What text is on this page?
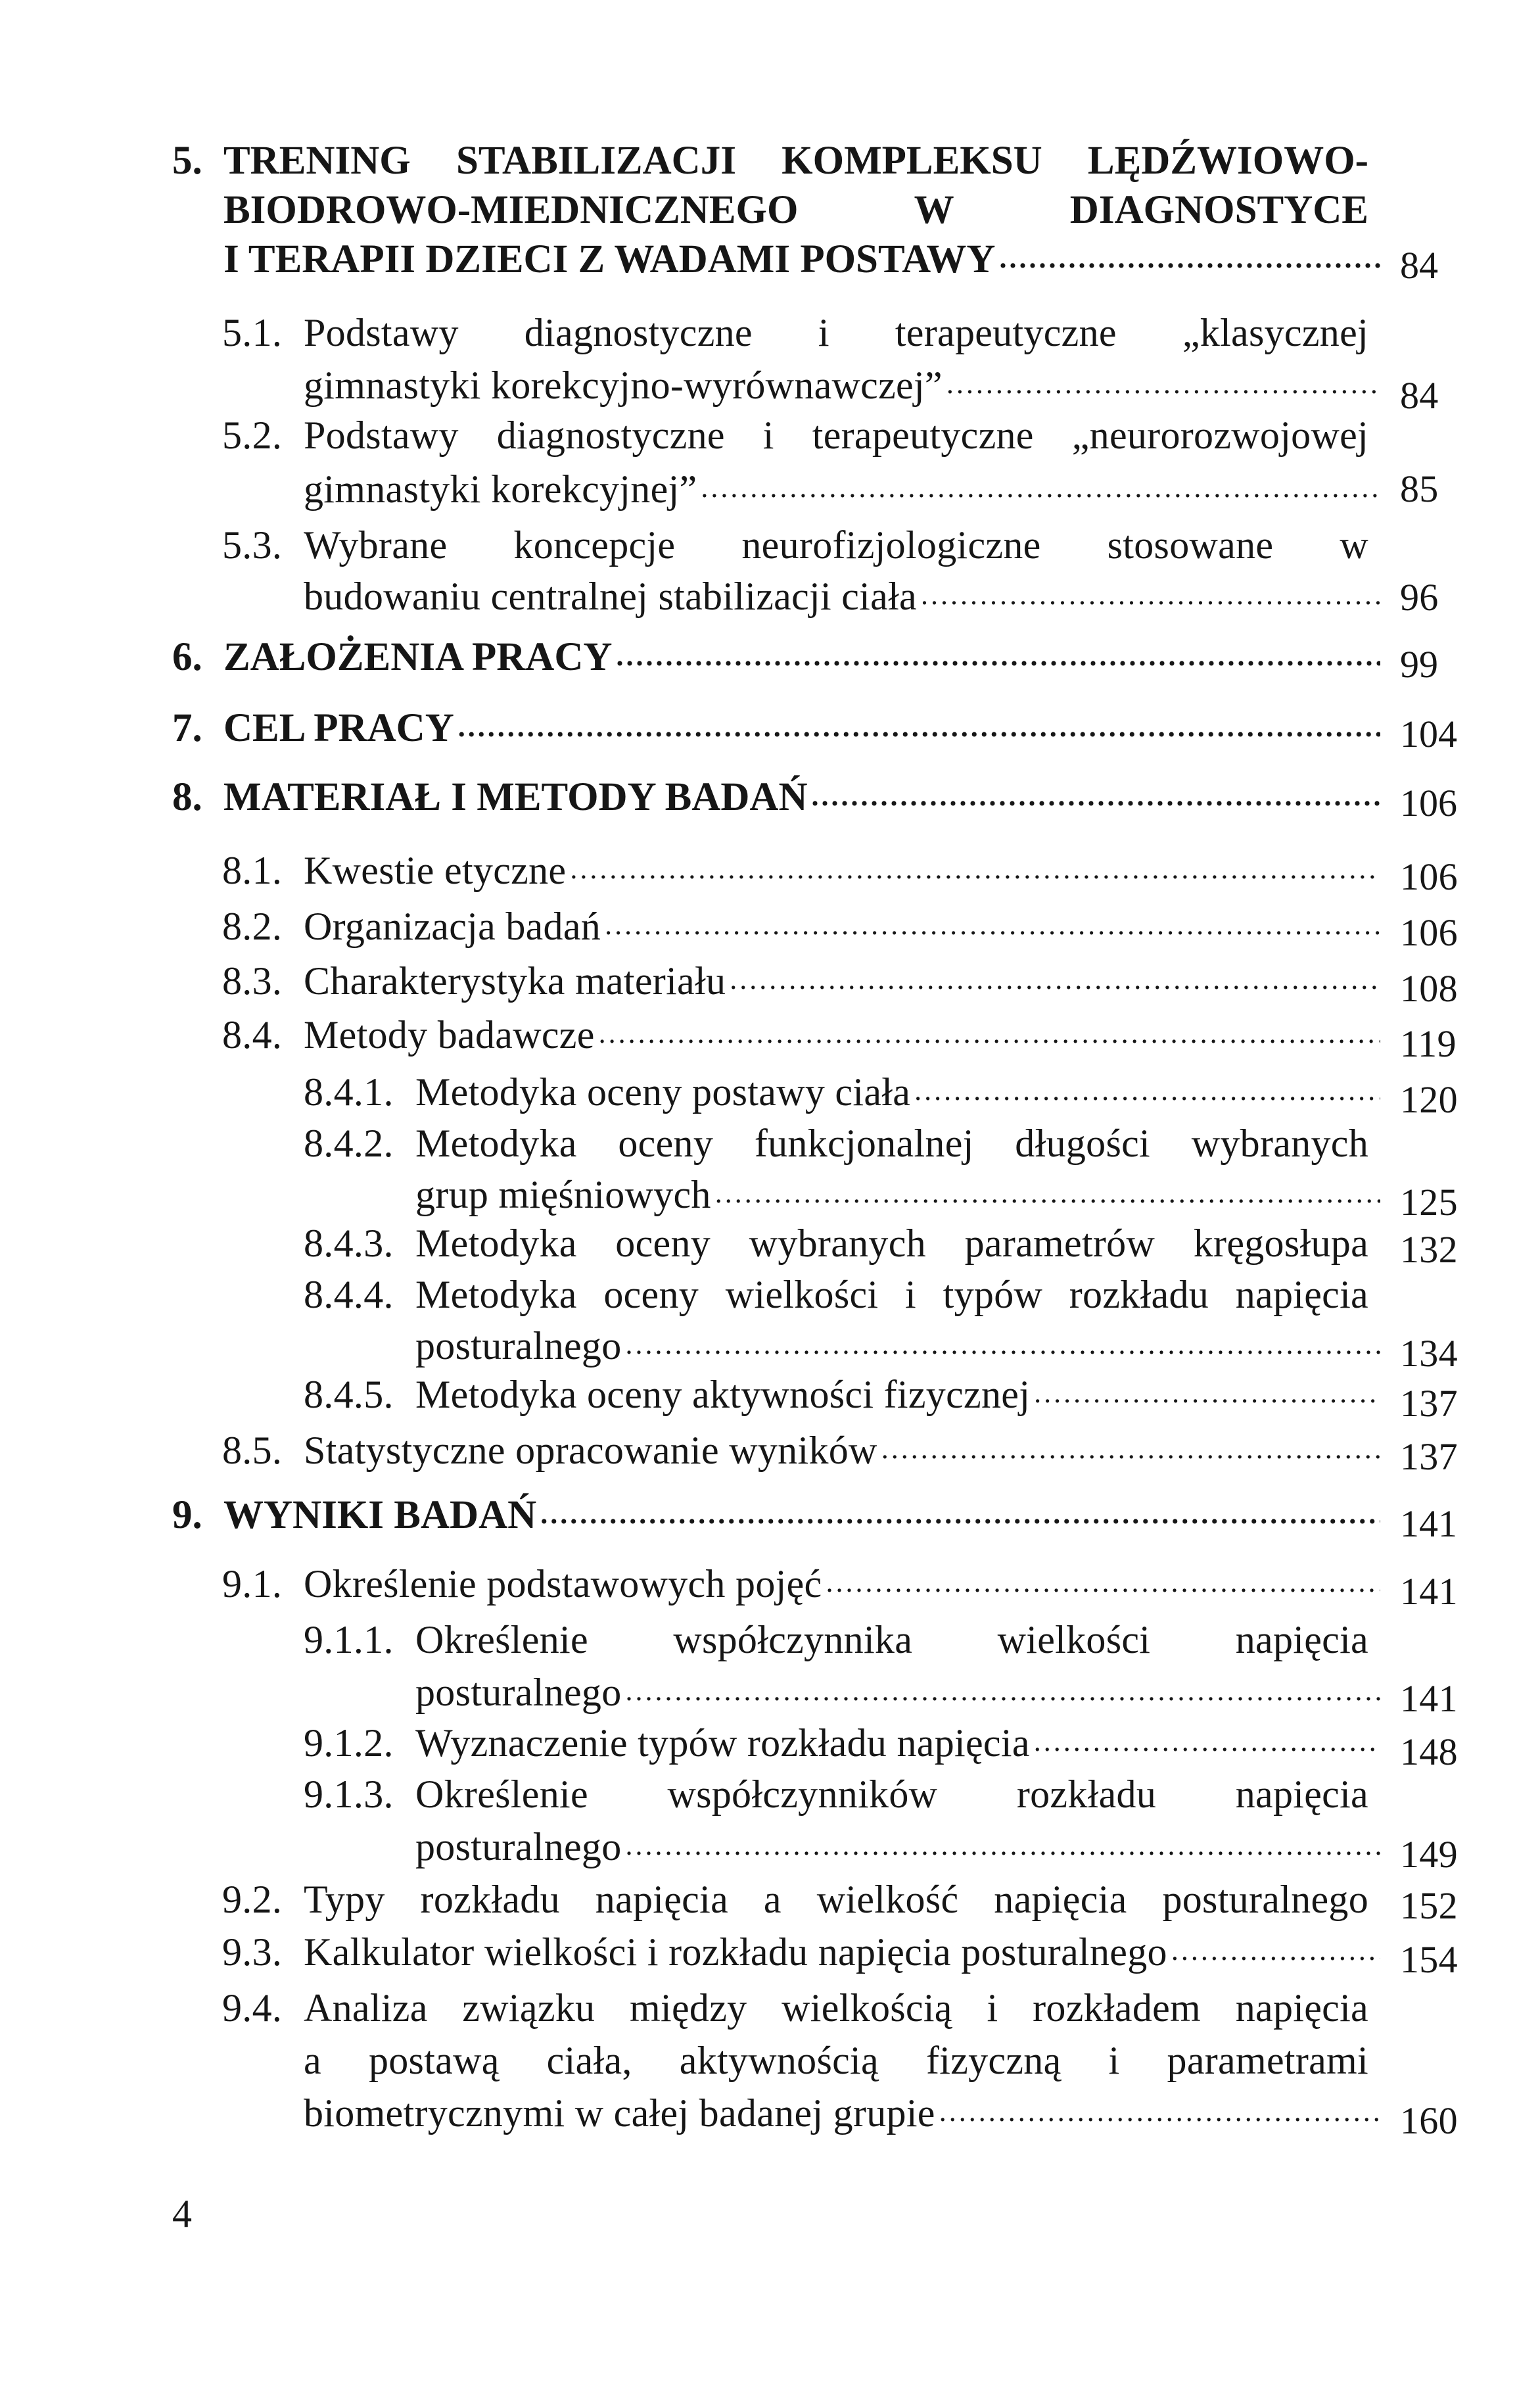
5. TRENING STABILIZACJI KOMPLEKSU LĘDŹWIOWO-
BIODROWO-MIEDNICZNEGO W DIAGNOSTYCE
I TERAPII DZIECI Z WADAMI POSTAWY .....	84
5.1. Podstawy diagnostyczne i terapeutyczne „klasycznej
gimnastyki korekcyjno-wyrównawczej” .....	84
5.2. Podstawy diagnostyczne i terapeutyczne „neurorozwojowej
gimnastyki korekcyjnej” .....	85
5.3. Wybrane koncepcje neurofizjologiczne stosowane w
budowaniu centralnej stabilizacji ciała .....	96
6. ZAŁOŻENIA PRACY .....	99
7. CEL PRACY .....	104
8. MATERIAŁ I METODY BADAŃ .....	106
8.1. Kwestie etyczne .....	106
8.2. Organizacja badań .....	106
8.3. Charakterystyka materiału .....	108
8.4. Metody badawcze .....	119
8.4.1. Metodyka oceny postawy ciała .....	120
8.4.2. Metodyka oceny funkcjonalnej długości wybranych
grup mięśniowych .....	125
8.4.3. Metodyka oceny wybranych parametrów kręgosłupa 132
8.4.4. Metodyka oceny wielkości i typów rozkładu napięcia
posturalnego .....	134
8.4.5. Metodyka oceny aktywności fizycznej .....	137
8.5. Statystyczne opracowanie wyników .....	137
9. WYNIKI BADAŃ .....	141
9.1. Określenie podstawowych pojęć .....	141
9.1.1. Określenie współczynnika wielkości napięcia
posturalnego .....	141
9.1.2. Wyznaczenie typów rozkładu napięcia .....	148
9.1.3. Określenie współczynników rozkładu napięcia
posturalnego .....	149
9.2. Typy rozkładu napięcia a wielkość napięcia posturalnego 152
9.3. Kalkulator wielkości i rozkładu napięcia posturalnego .....	154
9.4. Analiza związku między wielkością i rozkładem napięcia
a postawą ciała, aktywnością fizyczną i parametrami
biometrycznymi w całej badanej grupie .....	160
4
